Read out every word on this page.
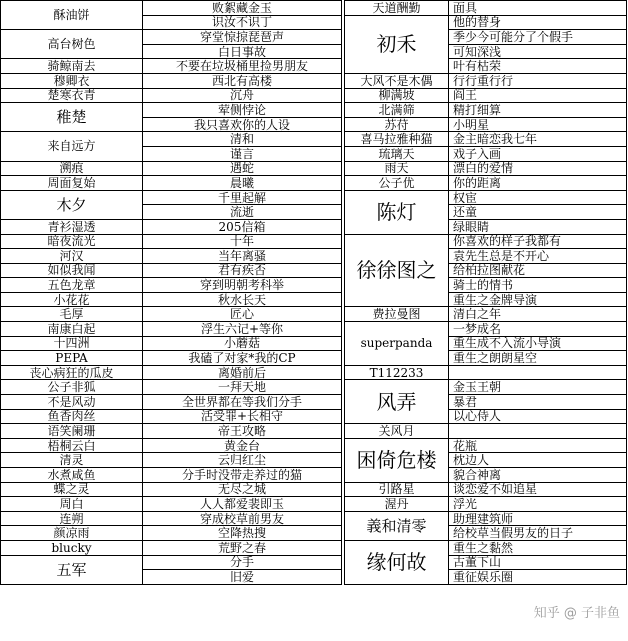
酥油饼	败絮藏金玉
	识汝不识丁
高台树色	穿堂惊掠琵琶声
	白日事故
骑鲸南去	不要在垃圾桶里捡男朋友
穆卿衣	西北有高楼
楚寒衣青	沉舟
稚楚	荤侧悖论
	我只喜欢你的人设
来自远方	清和
	谨言
溯痕	遇蛇
周面复始	晨曦
木夕	千里起解
	流逝
青衫湿透	205信箱
暗夜流光	十年
河汉	当年离骚
如似我闻	君有疾否
五色龙章	穿到明朝考科举
小花花	秋水长天
毛厚	匠心
南康白起	浮生六记+等你
十四洲	小蘑菇
PEPA	我磕了对家*我的CP
丧心病狂的瓜皮	离婚前后
公子非狐	一拜天地
不是风动	全世界都在等我们分手
鱼香肉丝	活受罪+长相守
语笑阑珊	帝王攻略
梧桐云白	黄金台
清灵	云归红尘
水煮咸鱼	分手时没带走养过的猫
蝶之灵	无尽之城
周白	人人都爱裴即玉
连朔	穿成校草前男友
颜凉雨	空降热搜
blucky	荒野之春
五军	分手
	旧爱
天道酬勤	面具
初禾	他的替身
	季少今可能分了个假手
	可知深浅
	叶有枯荣
大风不是木偶	行行重行行
柳满坡	阎王
北满筛	精打细算
苏苻	小明星
喜马拉雅种猫	金主暗恋我七年
琉璃天	戏子入画
雨天	漂白的爱情
公子优	你的距离
陈灯	权宦
	还童
	绿眼睛
徐徐图之	你喜欢的样子我都有
	袁先生总是不开心
	给柏拉图献花
	骑士的情书
	重生之金牌导演
费拉曼图	清白之年
superpanda	一梦成名
	重生成不入流小导演
	重生之朗朗星空
T112233	
风弄	金玉王朝
	暴君
	以心侍人
关风月	
困倚危楼	花瓶
	枕边人
	貌合神离
引路星	谈恋爱不如追星
渥丹	浮光
義和清零	助理建筑师
	给校草当假男友的日子
缘何故	重生之黏然
	古董下山
	重征娱乐圈
知乎 @ 子非鱼
